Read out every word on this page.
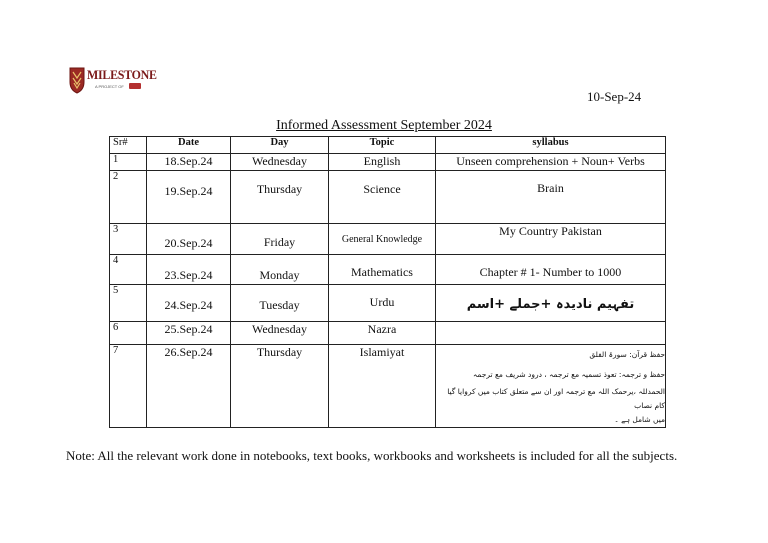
MILESTONE
A PROJECT OF
10-Sep-24
Informed Assessment September 2024
Sr#	Date	Day	Topic	syllabus
1	18.Sep.24	Wednesday	English	Unseen comprehension + Noun+ Verbs
2	19.Sep.24	Thursday	Science	Brain
3	20.Sep.24	Friday	General Knowledge	My Country Pakistan
4	23.Sep.24	Monday	Mathematics	Chapter # 1- Number to 1000
5	24.Sep.24	Tuesday	Urdu	تفہیم نادیدہ +جملے +اسم
6	25.Sep.24	Wednesday	Nazra	
7	26.Sep.24	Thursday	Islamiyat	حفظ قرآن: سورۃ الفلق
حفظ و ترجمہ: تعوذ تسمیہ مع ترجمہ ، درود شریف مع ترجمہ
الحمدللہ ،یرحمک اللہ مع ترجمہ اور ان سے متعلق کتاب میں کروایا گیا کام نصاب
میں شامل ہے ۔
Note: All the relevant work done in notebooks, text books, workbooks and worksheets is included for all the subjects.
